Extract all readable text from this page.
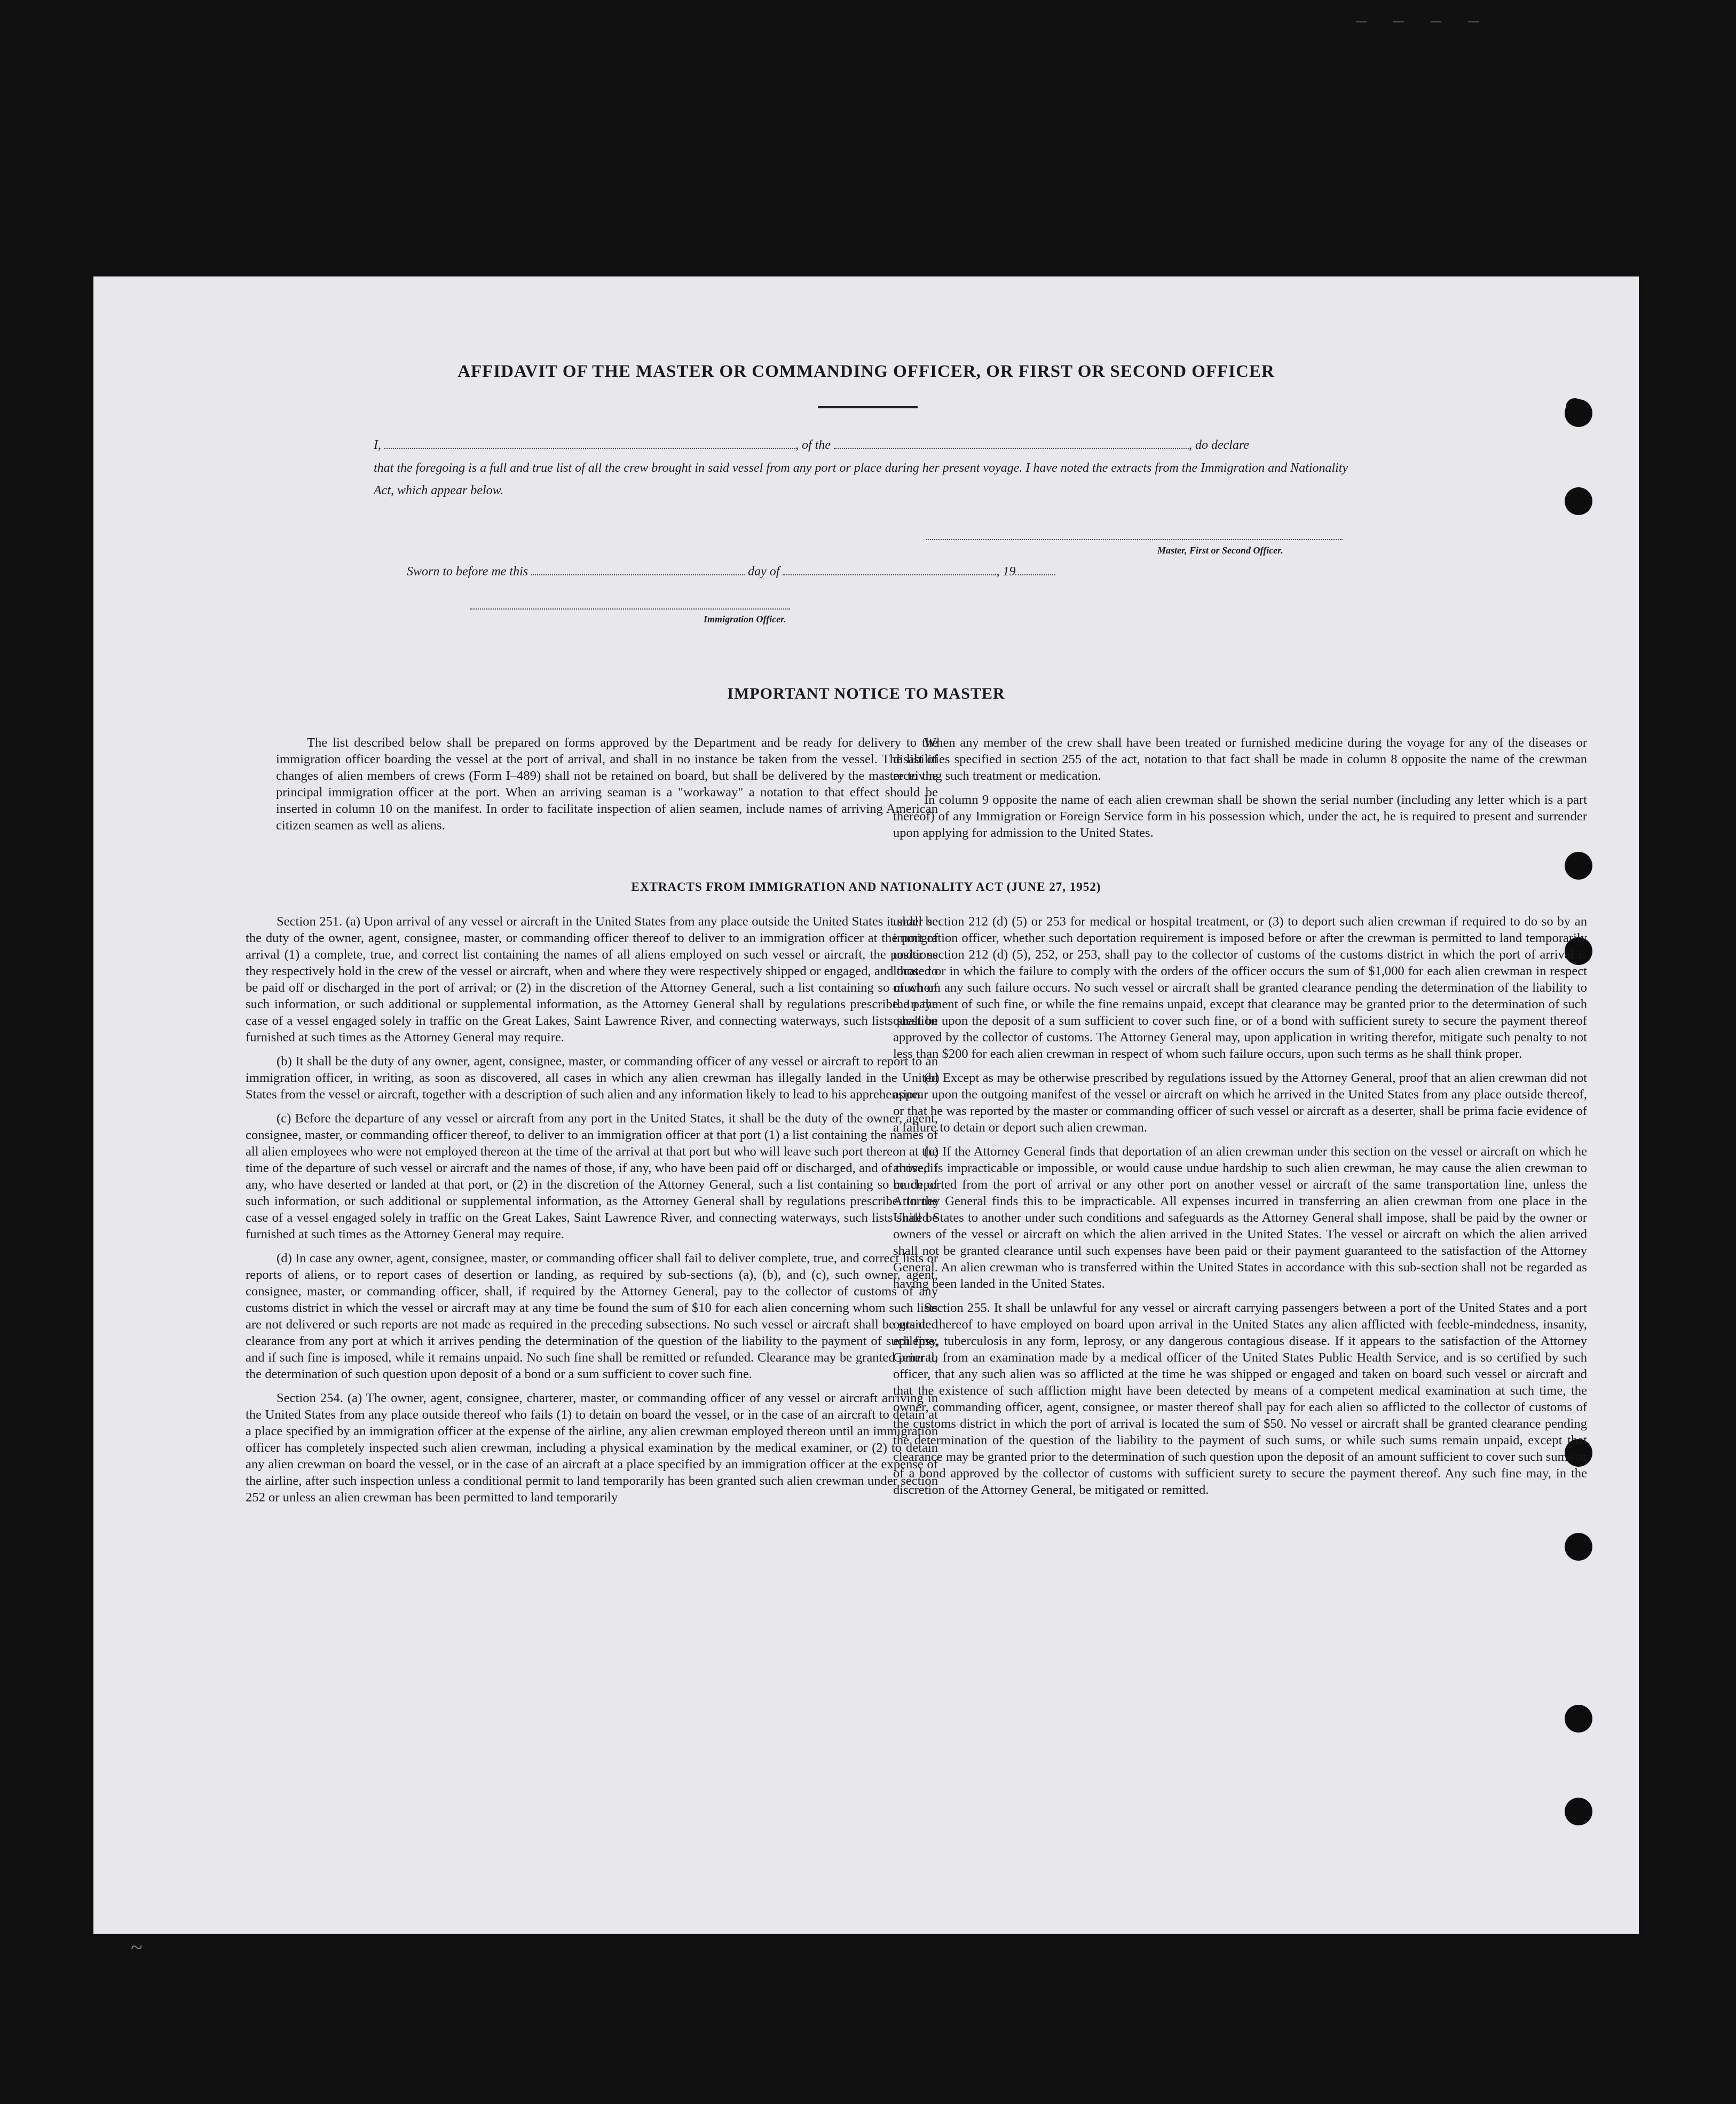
_ _ _ _
AFFIDAVIT OF THE MASTER OR COMMANDING OFFICER, OR FIRST OR SECOND OFFICER
I,	, of the	, do declare
that the foregoing is a full and true list of all the crew brought in said vessel from any port or place during her present voyage. I have noted the extracts from the Immigration and Nationality Act, which appear below.
Master, First or Second Officer.
Sworn to before me this	day of	, 19
Immigration Officer.
IMPORTANT NOTICE TO MASTER

The list described below shall be prepared on forms approved by the Department and be ready for delivery to the immigration officer boarding the vessel at the port of arrival, and shall in no instance be taken from the vessel. The list of changes of alien members of crews (Form I–489) shall not be retained on board, but shall be delivered by the master to the principal immigration officer at the port. When an arriving seaman is a "workaway" a notation to that effect should be inserted in column 10 on the manifest. In order to facilitate inspection of alien seamen, include names of arriving American citizen seamen as well as aliens.

When any member of the crew shall have been treated or furnished medicine during the voyage for any of the diseases or disabilities specified in section 255 of the act, notation to that fact shall be made in column 8 opposite the name of the crewman receiving such treatment or medication.

In column 9 opposite the name of each alien crewman shall be shown the serial number (including any letter which is a part thereof) of any Immigration or Foreign Service form in his possession which, under the act, he is required to present and surrender upon applying for admission to the United States.

EXTRACTS FROM IMMIGRATION AND NATIONALITY ACT (JUNE 27, 1952)

Section 251. (a) Upon arrival of any vessel or aircraft in the United States from any place outside the United States it shall be the duty of the owner, agent, consignee, master, or commanding officer thereof to deliver to an immigration officer at the port of arrival (1) a complete, true, and correct list containing the names of all aliens employed on such vessel or aircraft, the positions they respectively hold in the crew of the vessel or aircraft, when and where they were respectively shipped or engaged, and those to be paid off or discharged in the port of arrival; or (2) in the discretion of the Attorney General, such a list containing so much of such information, or such additional or supplemental information, as the Attorney General shall by regulations prescribe. In the case of a vessel engaged solely in traffic on the Great Lakes, Saint Lawrence River, and connecting waterways, such lists shall be furnished at such times as the Attorney General may require.

(b) It shall be the duty of any owner, agent, consignee, master, or commanding officer of any vessel or aircraft to report to an immigration officer, in writing, as soon as discovered, all cases in which any alien crewman has illegally landed in the United States from the vessel or aircraft, together with a description of such alien and any information likely to lead to his apprehension.

(c) Before the departure of any vessel or aircraft from any port in the United States, it shall be the duty of the owner, agent, consignee, master, or commanding officer thereof, to deliver to an immigration officer at that port (1) a list containing the names of all alien employees who were not employed thereon at the time of the arrival at that port but who will leave such port thereon at the time of the departure of such vessel or aircraft and the names of those, if any, who have been paid off or discharged, and of those, if any, who have deserted or landed at that port, or (2) in the discretion of the Attorney General, such a list containing so much of such information, or such additional or supplemental information, as the Attorney General shall by regulations prescribe. In the case of a vessel engaged solely in traffic on the Great Lakes, Saint Lawrence River, and connecting waterways, such lists shall be furnished at such times as the Attorney General may require.

(d) In case any owner, agent, consignee, master, or commanding officer shall fail to deliver complete, true, and correct lists or reports of aliens, or to report cases of desertion or landing, as required by sub-sections (a), (b), and (c), such owner, agent, consignee, master, or commanding officer, shall, if required by the Attorney General, pay to the collector of customs of any customs district in which the vessel or aircraft may at any time be found the sum of $10 for each alien concerning whom such lists are not delivered or such reports are not made as required in the preceding subsections. No such vessel or aircraft shall be granted clearance from any port at which it arrives pending the determination of the question of the liability to the payment of such fine, and if such fine is imposed, while it remains unpaid. No such fine shall be remitted or refunded. Clearance may be granted prior to the determination of such question upon deposit of a bond or a sum sufficient to cover such fine.

Section 254. (a) The owner, agent, consignee, charterer, master, or commanding officer of any vessel or aircraft arriving in the United States from any place outside thereof who fails (1) to detain on board the vessel, or in the case of an aircraft to detain at a place specified by an immigration officer at the expense of the airline, any alien crewman employed thereon until an immigration officer has completely inspected such alien crewman, including a physical examination by the medical examiner, or (2) to detain any alien crewman on board the vessel, or in the case of an aircraft at a place specified by an immigration officer at the expense of the airline, after such inspection unless a conditional permit to land temporarily has been granted such alien crewman under section 252 or unless an alien crewman has been permitted to land temporarily

under section 212 (d) (5) or 253 for medical or hospital treatment, or (3) to deport such alien crewman if required to do so by an immigration officer, whether such deportation requirement is imposed before or after the crewman is permitted to land temporarily under section 212 (d) (5), 252, or 253, shall pay to the collector of customs of the customs district in which the port of arrival is located or in which the failure to comply with the orders of the officer occurs the sum of $1,000 for each alien crewman in respect of whom any such failure occurs. No such vessel or aircraft shall be granted clearance pending the determination of the liability to the payment of such fine, or while the fine remains unpaid, except that clearance may be granted prior to the determination of such question upon the deposit of a sum sufficient to cover such fine, or of a bond with sufficient surety to secure the payment thereof approved by the collector of customs. The Attorney General may, upon application in writing therefor, mitigate such penalty to not less than $200 for each alien crewman in respect of whom such failure occurs, upon such terms as he shall think proper.

(b) Except as may be otherwise prescribed by regulations issued by the Attorney General, proof that an alien crewman did not appear upon the outgoing manifest of the vessel or aircraft on which he arrived in the United States from any place outside thereof, or that he was reported by the master or commanding officer of such vessel or aircraft as a deserter, shall be prima facie evidence of a failure to detain or deport such alien crewman.

(c) If the Attorney General finds that deportation of an alien crewman under this section on the vessel or aircraft on which he arrived is impracticable or impossible, or would cause undue hardship to such alien crewman, he may cause the alien crewman to be deported from the port of arrival or any other port on another vessel or aircraft of the same transportation line, unless the Attorney General finds this to be impracticable. All expenses incurred in transferring an alien crewman from one place in the United States to another under such conditions and safeguards as the Attorney General shall impose, shall be paid by the owner or owners of the vessel or aircraft on which the alien arrived in the United States. The vessel or aircraft on which the alien arrived shall not be granted clearance until such expenses have been paid or their payment guaranteed to the satisfaction of the Attorney General. An alien crewman who is transferred within the United States in accordance with this sub-section shall not be regarded as having been landed in the United States.

Section 255. It shall be unlawful for any vessel or aircraft carrying passengers between a port of the United States and a port outside thereof to have employed on board upon arrival in the United States any alien afflicted with feeble-mindedness, insanity, epilepsy, tuberculosis in any form, leprosy, or any dangerous contagious disease. If it appears to the satisfaction of the Attorney General, from an examination made by a medical officer of the United States Public Health Service, and is so certified by such officer, that any such alien was so afflicted at the time he was shipped or engaged and taken on board such vessel or aircraft and that the existence of such affliction might have been detected by means of a competent medical examination at such time, the owner, commanding officer, agent, consignee, or master thereof shall pay for each alien so afflicted to the collector of customs of the customs district in which the port of arrival is located the sum of $50. No vessel or aircraft shall be granted clearance pending the determination of the question of the liability to the payment of such sums, or while such sums remain unpaid, except that clearance may be granted prior to the determination of such question upon the deposit of an amount sufficient to cover such sums or of a bond approved by the collector of customs with sufficient surety to secure the payment thereof. Any such fine may, in the discretion of the Attorney General, be mitigated or remitted.

~
